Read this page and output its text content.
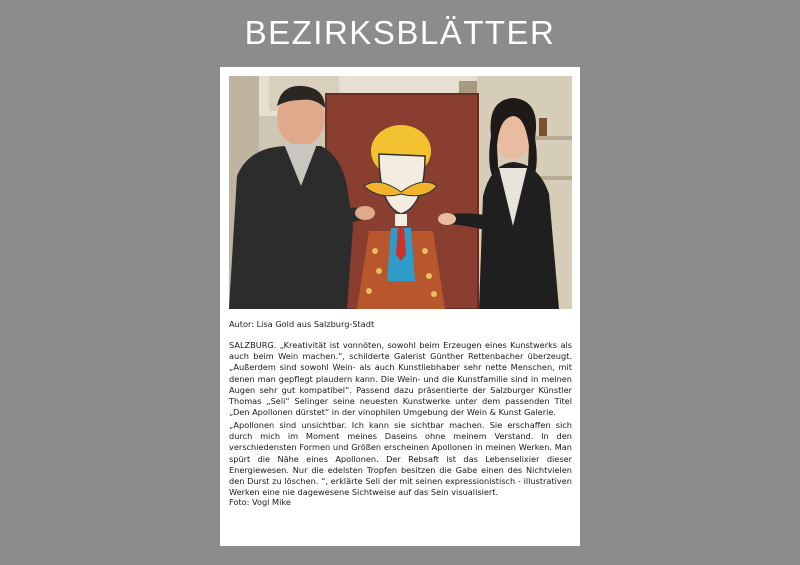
BEZIRKSBLÄTTER

Autor: Lisa Gold aus Salzburg-Stadt

SALZBURG. „Kreativität ist vonnöten, sowohl beim Erzeugen eines Kunstwerks als auch beim Wein machen.“, schilderte Galerist Günther Rettenbacher überzeugt. „Außerdem sind sowohl Wein- als auch Kunstliebhaber sehr nette Menschen, mit denen man gepflegt plaudern kann. Die Wein- und die Kunstfamilie sind in meinen Augen sehr gut kompatibel“. Passend dazu präsentierte der Salzburger Künstler Thomas „Seli“ Selinger seine neuesten Kunstwerke unter dem passenden Titel „Den Apollonen dürstet“ in der vinophilen Umgebung der Wein & Kunst Galerie.

„Apollonen sind unsichtbar. Ich kann sie sichtbar machen. Sie erschaffen sich durch mich im Moment meines Daseins ohne meinem Verstand. In den verschiedensten Formen und Größen erscheinen Apollonen in meinen Werken. Man spürt die Nähe eines Apollonen. Der Rebsaft ist das Lebenselixier dieser Energiewesen. Nur die edelsten Tropfen besitzen die Gabe einen des Nichtvielen den Durst zu löschen. “, erklärte Seli der mit seinen expressionistisch - illustrativen Werken eine nie dagewesene Sichtweise auf das Sein visualisiert.

Foto: Vogl Mike
